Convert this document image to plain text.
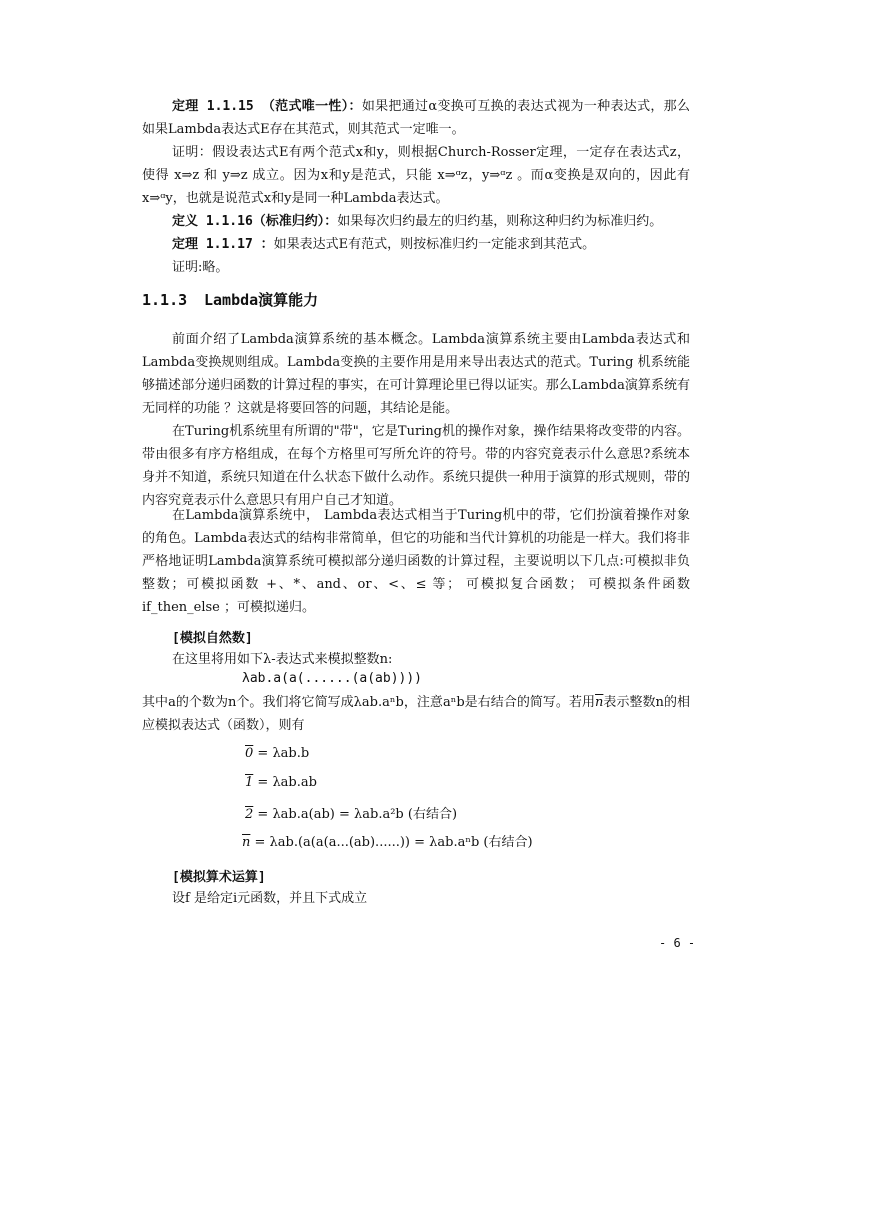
定理 1.1.15 （范式唯一性）：如果把通过α变换可互换的表达式视为一种表达式，那么如果Lambda表达式E存在其范式，则其范式一定唯一。
证明：假设表达式E有两个范式x和y，则根据Church-Rosser定理，一定存在表达式z，使得 x⇒z 和 y⇒z 成立。因为x和y是范式，只能 x⇒ᵅz，y⇒ᵅz 。而α变换是双向的，因此有x⇒ᵅy，也就是说范式x和y是同一种Lambda表达式。
定义 1.1.16（标准归约）：如果每次归约最左的归约基，则称这种归约为标准归约。
定理 1.1.17 ：如果表达式E有范式，则按标准归约一定能求到其范式。
证明:略。
1.1.3 Lambda演算能力
前面介绍了Lambda演算系统的基本概念。Lambda演算系统主要由Lambda表达式和Lambda变换规则组成。Lambda变换的主要作用是用来导出表达式的范式。Turing 机系统能够描述部分递归函数的计算过程的事实，在可计算理论里已得以证实。那么Lambda演算系统有无同样的功能 ？这就是将要回答的问题，其结论是能。
在Turing机系统里有所谓的"带"，它是Turing机的操作对象，操作结果将改变带的内容。带由很多有序方格组成，在每个方格里可写所允许的符号。带的内容究竟表示什么意思?系统本身并不知道，系统只知道在什么状态下做什么动作。系统只提供一种用于演算的形式规则，带的内容究竟表示什么意思只有用户自己才知道。
在Lambda演算系统中， Lambda表达式相当于Turing机中的带，它们扮演着操作对象的角色。Lambda表达式的结构非常简单，但它的功能和当代计算机的功能是一样大。我们将非严格地证明Lambda演算系统可模拟部分递归函数的计算过程，主要说明以下几点:可模拟非负整数；可模拟函数 +、*、and、or、<、≤ 等； 可模拟复合函数； 可模拟条件函数if_then_else ；可模拟递归。
[模拟自然数]
在这里将用如下λ-表达式来模拟整数n:
λab.a(a(......(a(ab))))
其中a的个数为n个。我们将它简写成λab.aⁿb，注意aⁿb是右结合的简写。若用$\overline{n}$表示整数n的相应模拟表达式（函数），则有
0 = λab.b
1 = λab.ab
2 = λab.a(ab) = λab.a²b (右结合)
$\overline{n} = \lambda ab.(a(a(a...(ab)......)) = \lambda ab.a^nb$ (右结合)
[模拟算术运算]
设f 是给定i元函数，并且下式成立
- 6 -
